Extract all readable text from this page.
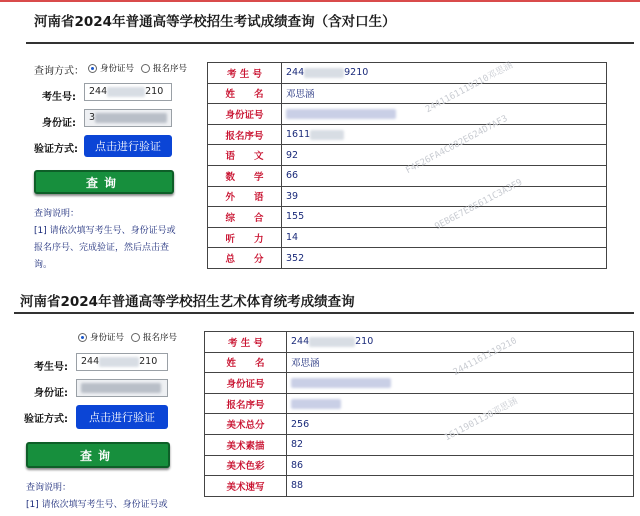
河南省2024年普通高等学校招生考试成绩查询（含对口生）
查询方式： 身份证号 报名序号
考生号:
244	210
身份证:
3
验证方式:	点击进行验证
查询
查询说明：
[1] 请依次填写考生号、身份证号或
报名序号、完成验证，然后点击查
询。
考 生 号	244 9210
姓　　名	邓思涵
身份证号	
报名序号	1611
语　　文	92
数　　学	66
外　　语	39
综　　合	155
听　　力	14
总　　分	352
2441161119210邓思涵
F4F26FA4C082E624D7AF3
9EB6E7E8E611C3A3F9
河南省2024年普通高等学校招生艺术体育统考成绩查询
身份证号 报名序号
考生号:
244	210
身份证:
验证方式:	点击进行验证
查询
查询说明：
[1] 请依次填写考生号、身份证号或
考 生 号	244 210
姓　　名	邓思涵
身份证号	
报名序号	
美术总分	256
美术素描	82
美术色彩	86
美术速写	88
2441161119210
1611901130邓思涵
